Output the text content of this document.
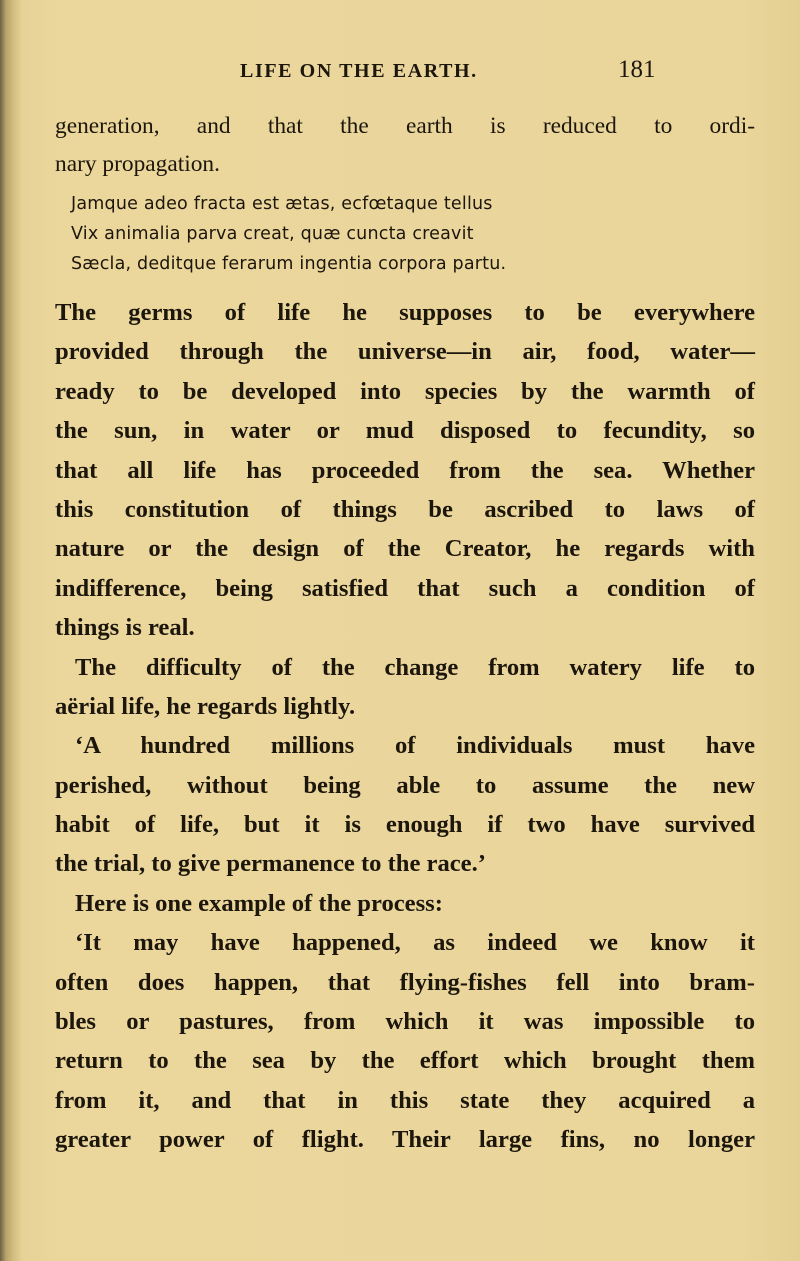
LIFE ON THE EARTH.	181
generation, and that the earth is reduced to ordi-
nary propagation.
Jamque adeo fracta est ætas, ecfœtaque tellus
Vix animalia parva creat, quæ cuncta creavit
Sæcla, deditque ferarum ingentia corpora partu.
The germs of life he supposes to be everywhere
provided through the universe—in air, food, water—
ready to be developed into species by the warmth of
the sun, in water or mud disposed to fecundity, so
that all life has proceeded from the sea. Whether
this constitution of things be ascribed to laws of
nature or the design of the Creator, he regards with
indifference, being satisfied that such a condition of
things is real.
The difficulty of the change from watery life to
aërial life, he regards lightly.
‘A hundred millions of individuals must have
perished, without being able to assume the new
habit of life, but it is enough if two have survived
the trial, to give permanence to the race.’
Here is one example of the process:
‘It may have happened, as indeed we know it
often does happen, that flying-fishes fell into bram-
bles or pastures, from which it was impossible to
return to the sea by the effort which brought them
from it, and that in this state they acquired a
greater power of flight. Their large fins, no longer
